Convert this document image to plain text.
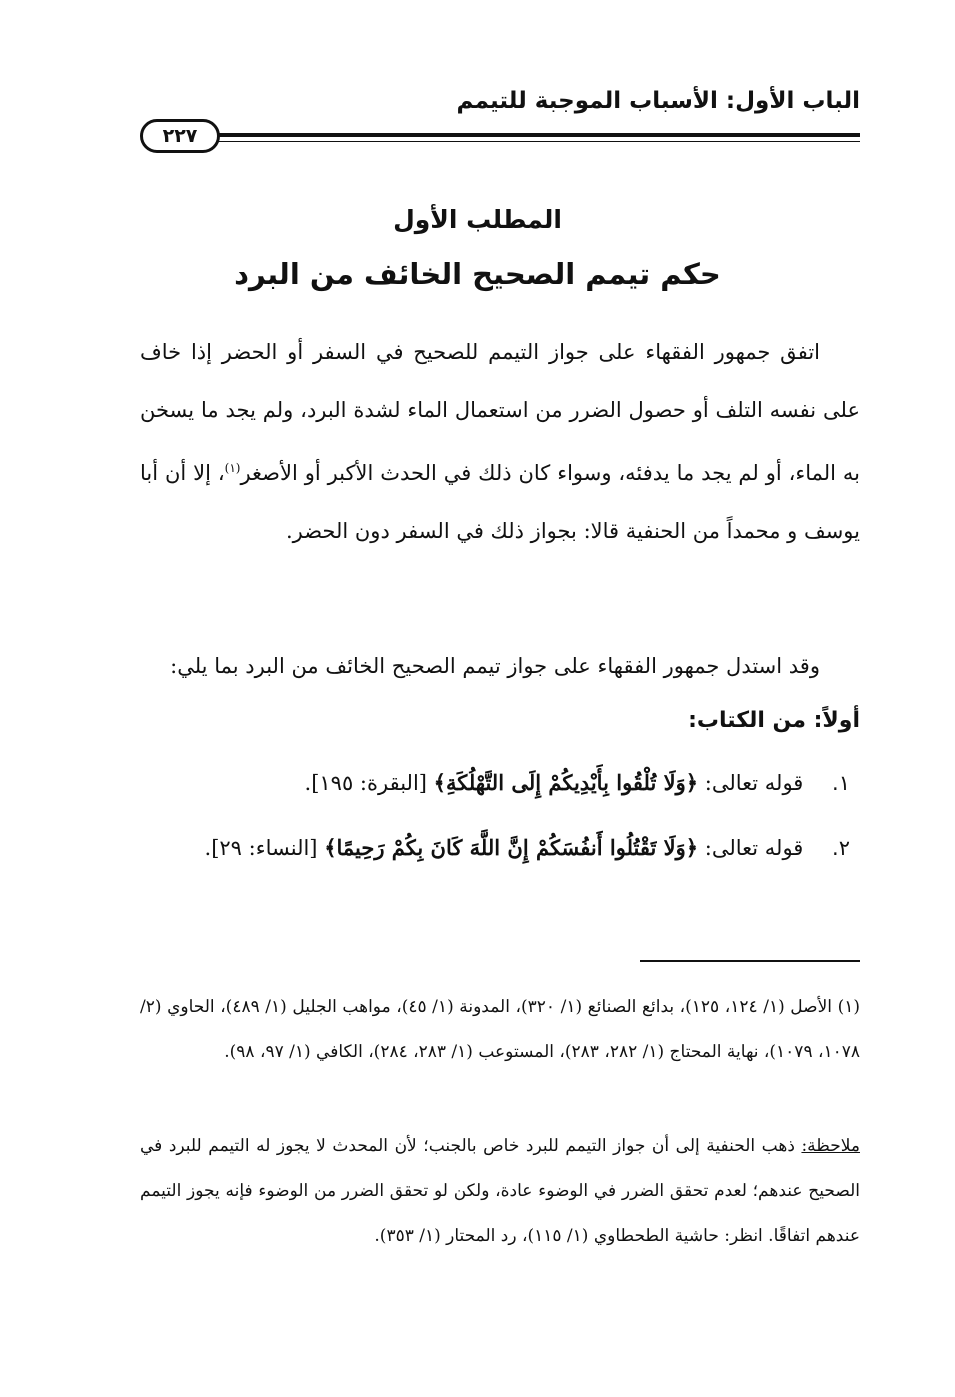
الباب الأول: الأسباب الموجبة للتيمم
٢٢٧
المطلب الأول
حكم تيمم الصحيح الخائف من البرد
اتفق جمهور الفقهاء على جواز التيمم للصحيح في السفر أو الحضر إذا خاف على نفسه التلف أو حصول الضرر من استعمال الماء لشدة البرد، ولم يجد ما يسخن به الماء، أو لم يجد ما يدفئه، وسواء كان ذلك في الحدث الأكبر أو الأصغر$^{(١)}$، إلا أن أبا يوسف و محمداً من الحنفية قالا: بجواز ذلك في السفر دون الحضر.
وقد استدل جمهور الفقهاء على جواز تيمم الصحيح الخائف من البرد بما يلي:
أولاً: من الكتاب:
١. قوله تعالى: ﴿وَلَا تُلْقُوا بِأَيْدِيكُمْ إِلَى التَّهْلُكَةِ﴾ [البقرة: ١٩٥].
٢. قوله تعالى: ﴿وَلَا تَقْتُلُوا أَنفُسَكُمْ إِنَّ اللَّهَ كَانَ بِكُمْ رَحِيمًا﴾ [النساء: ٢٩].
(١) الأصل (١/ ١٢٤، ١٢٥)، بدائع الصنائع (١/ ٣٢٠)، المدونة (١/ ٤٥)، مواهب الجليل (١/ ٤٨٩)، الحاوي (٢/ ١٠٧٨، ١٠٧٩)، نهاية المحتاج (١/ ٢٨٢، ٢٨٣)، المستوعب (١/ ٢٨٣، ٢٨٤)، الكافي (١/ ٩٧، ٩٨).
ملاحظة: ذهب الحنفية إلى أن جواز التيمم للبرد خاص بالجنب؛ لأن المحدث لا يجوز له التيمم للبرد في الصحيح عندهم؛ لعدم تحقق الضرر في الوضوء عادة، ولكن لو تحقق الضرر من الوضوء فإنه يجوز التيمم عندهم اتفاقًا. انظر: حاشية الطحطاوي (١/ ١١٥)، رد المحتار (١/ ٣٥٣).
